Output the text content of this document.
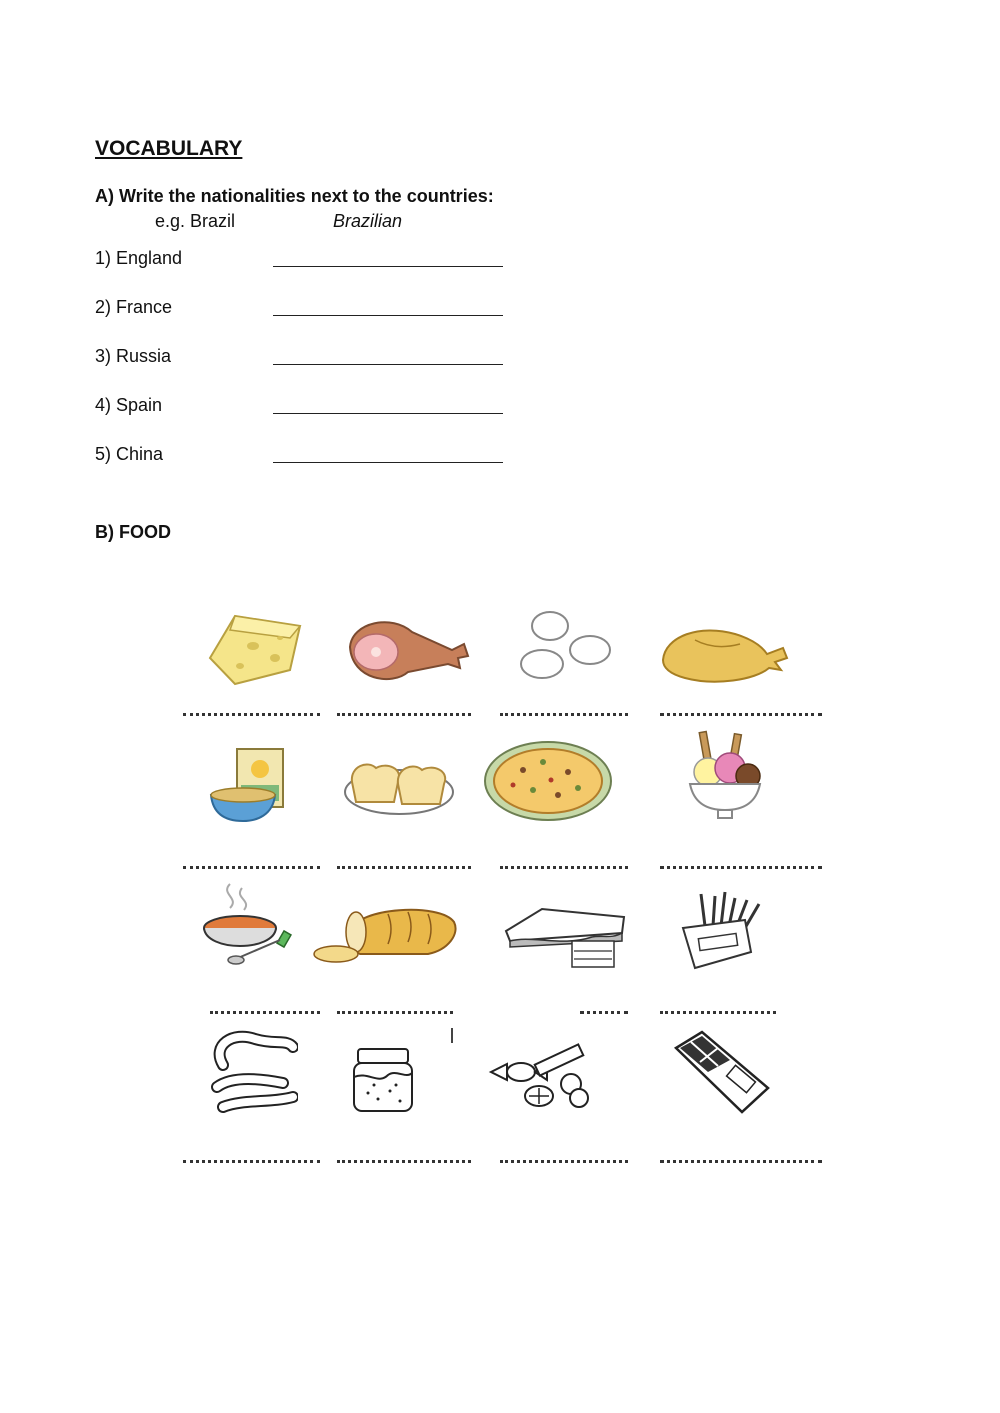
VOCABULARY
A) Write the nationalities next to the countries:
e.g. Brazil	Brazilian
1) England
2) France
3) Russia
4) Spain
5) China
B) FOOD
